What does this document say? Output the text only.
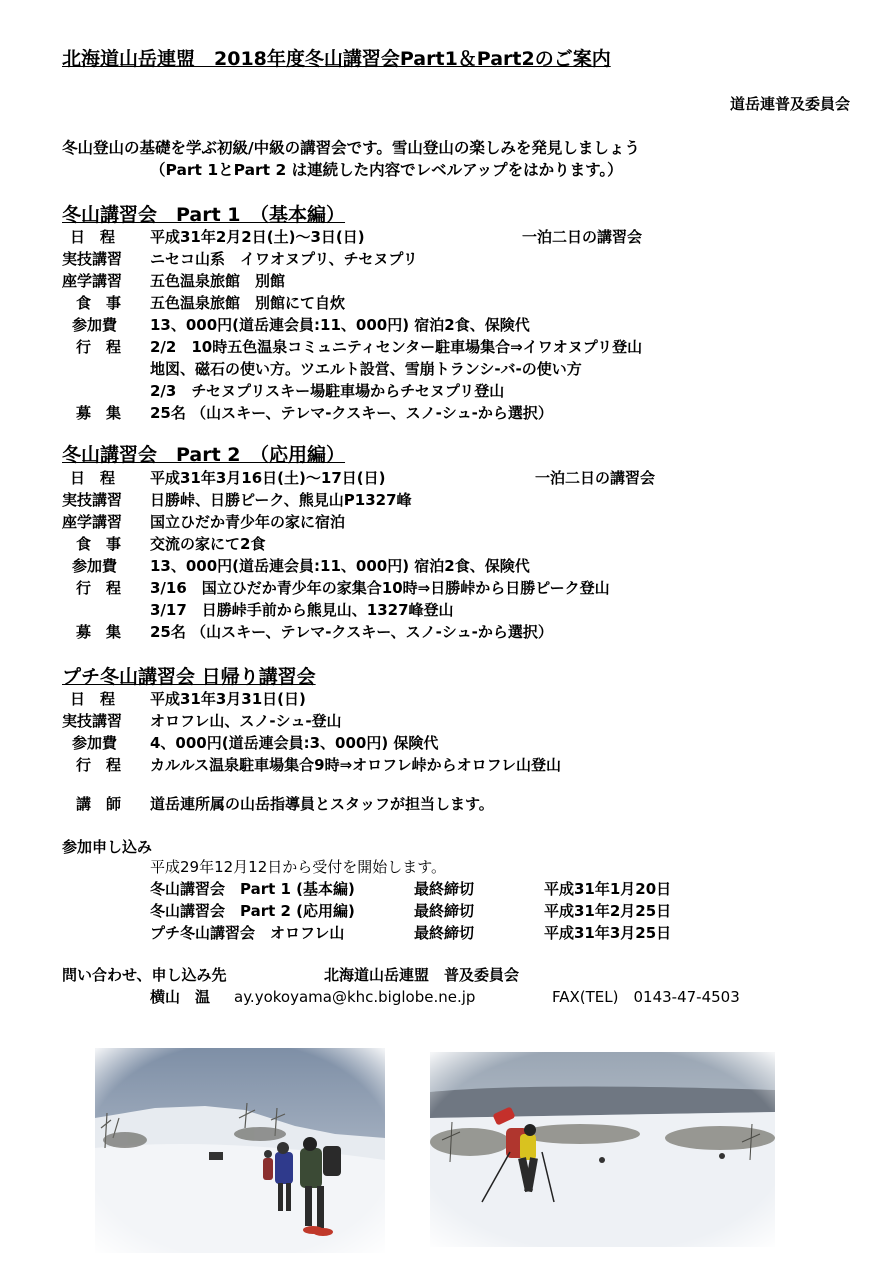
北海道山岳連盟　2018年度冬山講習会Part1＆Part2のご案内
道岳連普及委員会
冬山登山の基礎を学ぶ初級/中級の講習会です。雪山登山の楽しみを発見しましょう
（Part 1とPart 2 は連続した内容でレベルアップをはかります。）
冬山講習会　Part 1　（基本編）
日　程 平成31年2月2日(土)～3日(日)	一泊二日の講習会
実技講習 ニセコ山系　イワオヌプリ、チセヌプリ
座学講習 五色温泉旅館　別館
食　事 五色温泉旅館　別館にて自炊
参加費 13、000円(道岳連会員:11、000円) 宿泊2食、保険代
行　程 2/2　10時五色温泉コミュニティセンター駐車場集合⇒イワオヌプリ登山
地図、磁石の使い方。ツエルト設営、雪崩トランシ-バ-の使い方
2/3　チセヌプリスキー場駐車場からチセヌプリ登山
募　集 25名 （山スキー、テレマ-クスキー、スノ-シュ-から選択）
冬山講習会　Part 2　（応用編）
日　程 平成31年3月16日(土)～17日(日)	一泊二日の講習会
実技講習 日勝峠、日勝ピーク、熊見山P1327峰
座学講習 国立ひだか青少年の家に宿泊
食　事 交流の家にて2食
参加費 13、000円(道岳連会員:11、000円) 宿泊2食、保険代
行　程 3/16　国立ひだか青少年の家集合10時⇒日勝峠から日勝ピーク登山
3/17　日勝峠手前から熊見山、1327峰登山
募　集 25名 （山スキー、テレマ-クスキー、スノ-シュ-から選択）
プチ冬山講習会 日帰り講習会
日　程 平成31年3月31日(日)
実技講習 オロフレ山、スノ-シュ-登山
参加費 4、000円(道岳連会員:3、000円) 保険代
行　程 カルルス温泉駐車場集合9時⇒オロフレ峠からオロフレ山登山
講　師 道岳連所属の山岳指導員とスタッフが担当します。
参加申し込み
平成29年12月12日から受付を開始します。
冬山講習会　Part 1 (基本編)	最終締切	平成31年1月20日
冬山講習会　Part 2 (応用編)	最終締切	平成31年2月25日
プチ冬山講習会　オロフレ山	最終締切	平成31年3月25日
問い合わせ、申し込み先	北海道山岳連盟　普及委員会
横山　温 ay.yokoyama@khc.biglobe.ne.jp	FAX(TEL)　0143-47-4503
